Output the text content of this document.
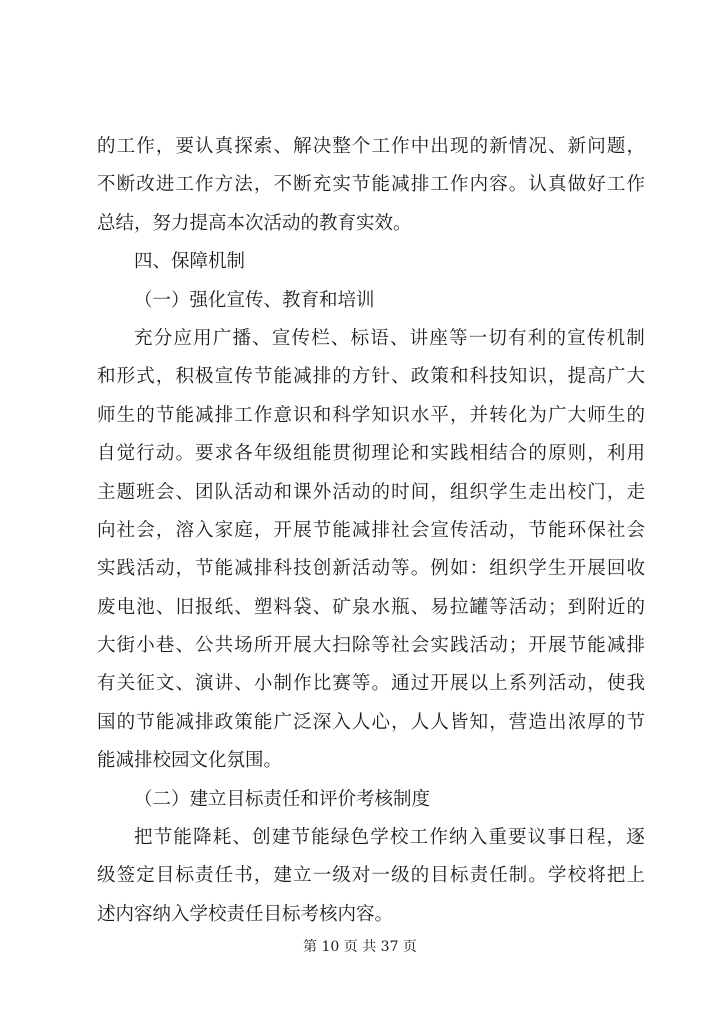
的 工 作 ， 要 认 真 探 索 、 解 决 整 个 工 作 中 出 现 的 新 情 况 、 新 问 题 ，
不 断 改 进 工 作 方 法 ， 不 断 充 实 节 能 减 排 工 作 内 容 。 认 真 做 好 工 作
总结，努力提高本次活动的教育实效。
四、保障机制
（一）强化宣传、教育和培训
充 分 应 用 广 播 、 宣 传 栏 、 标 语 、 讲 座 等 一 切 有 利 的 宣 传 机 制
和 形 式 ， 积 极 宣 传 节 能 减 排 的 方 针 、 政 策 和 科 技 知 识 ， 提 高 广 大
师 生 的 节 能 减 排 工 作 意 识 和 科 学 知 识 水 平 ， 并 转 化 为 广 大 师 生 的
自 觉 行 动 。 要 求 各 年 级 组 能 贯 彻 理 论 和 实 践 相 结 合 的 原 则 ， 利 用
主 题 班 会 、 团 队 活 动 和 课 外 活 动 的 时 间 ， 组 织 学 生 走 出 校 门 ， 走
向 社 会 ， 溶 入 家 庭 ， 开 展 节 能 减 排 社 会 宣 传 活 动 ， 节 能 环 保 社 会
实 践 活 动 ， 节 能 减 排 科 技 创 新 活 动 等 。 例 如 ： 组 织 学 生 开 展 回 收
废 电 池 、 旧 报 纸 、 塑 料 袋 、 矿 泉 水 瓶 、 易 拉 罐 等 活 动 ； 到 附 近 的
大 街 小 巷 、 公 共 场 所 开 展 大 扫 除 等 社 会 实 践 活 动 ； 开 展 节 能 减 排
有 关 征 文 、 演 讲 、 小 制 作 比 赛 等 。 通 过 开 展 以 上 系 列 活 动 ， 使 我
国 的 节 能 减 排 政 策 能 广 泛 深 入 人 心 ， 人 人 皆 知 ， 营 造 出 浓 厚 的 节
能减排校园文化氛围。
（二）建立目标责任和评价考核制度
把 节 能 降 耗 、 创 建 节 能 绿 色 学 校 工 作 纳 入 重 要 议 事 日 程 ， 逐
级 签 定 目 标 责 任 书 ， 建 立 一 级 对 一 级 的 目 标 责 任 制 。 学 校 将 把 上
述内容纳入学校责任目标考核内容。
第 10 页 共 37 页
